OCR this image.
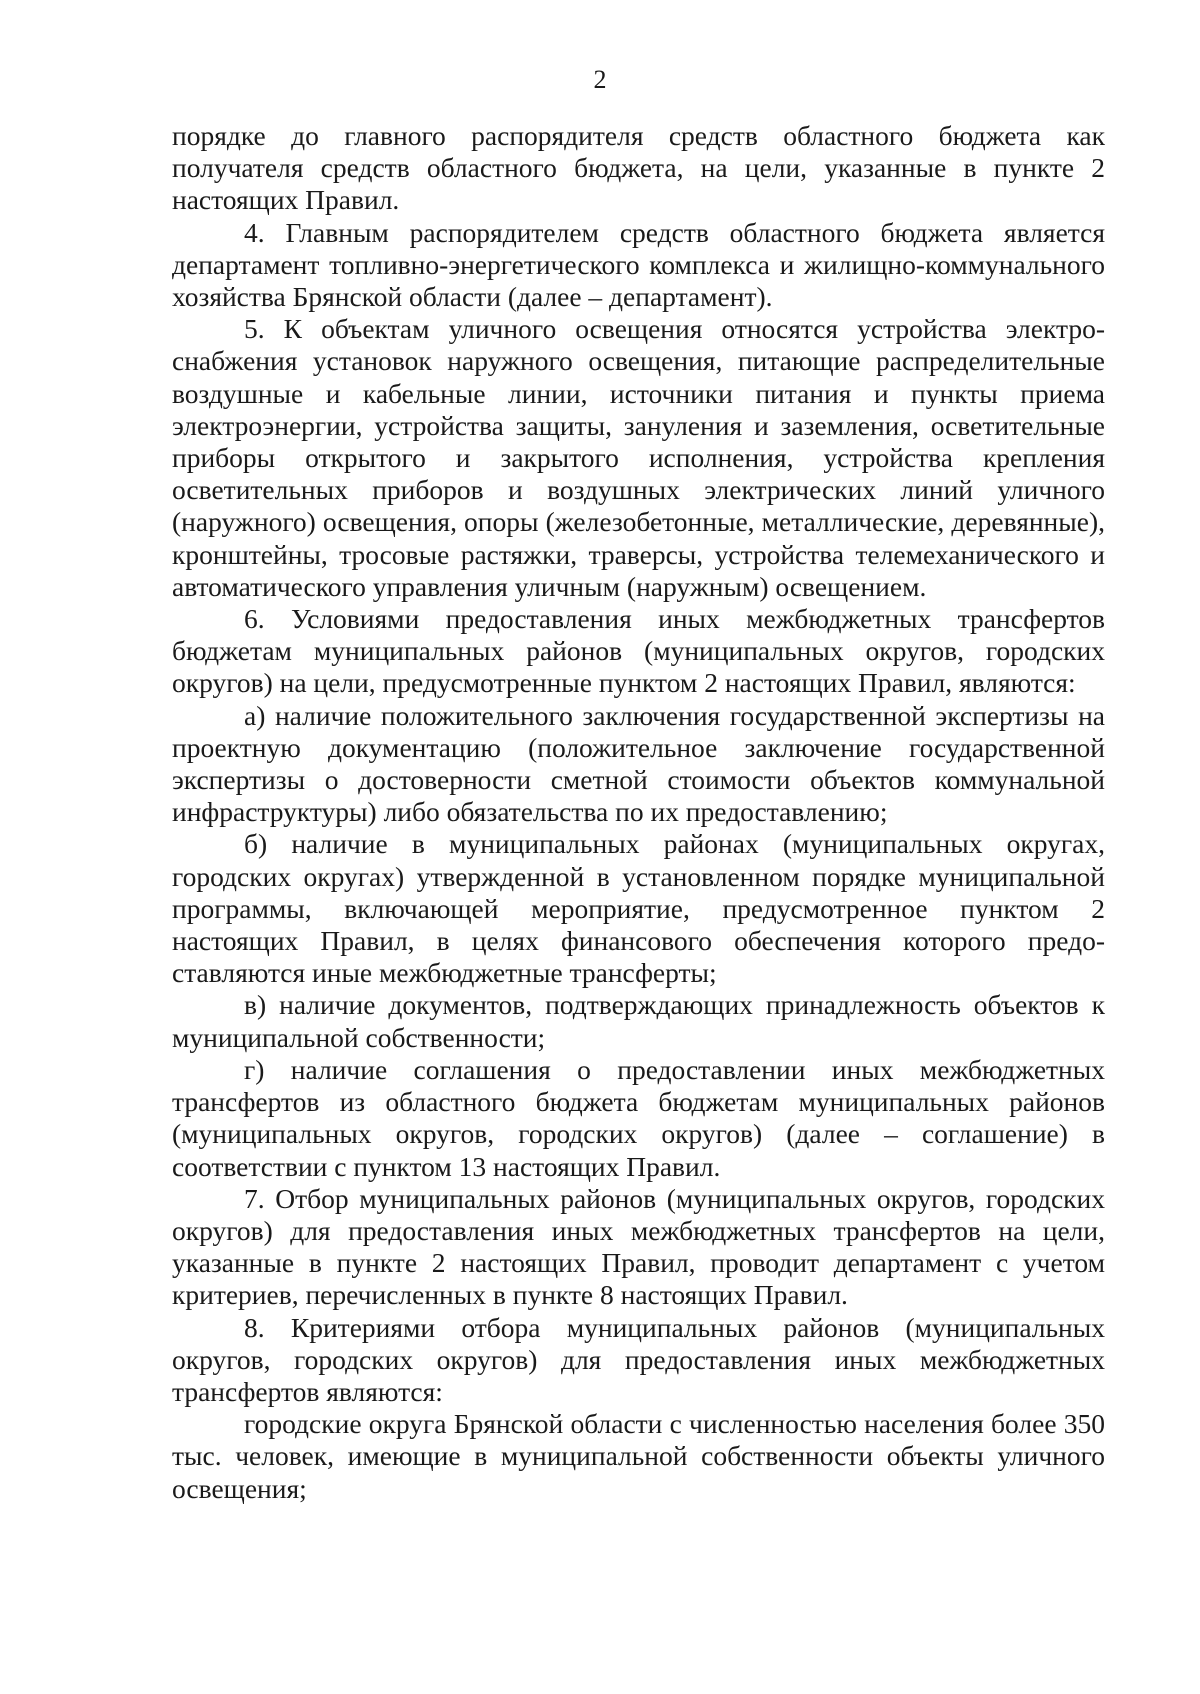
2

порядке до главного распорядителя средств областного бюджета как получателя средств областного бюджета, на цели, указанные в пункте 2 настоящих Правил.

4. Главным распорядителем средств областного бюджета является департамент топливно-энергетического комплекса и жилищно-коммунального хозяйства Брянской области (далее – департамент).

5. К объектам уличного освещения относятся устройства электроснабжения установок наружного освещения, питающие распределительные воздушные и кабельные линии, источники питания и пункты приема электроэнергии, устройства защиты, зануления и заземления, осветительные приборы открытого и закрытого исполнения, устройства крепления осветительных приборов и воздушных электрических линий уличного (наружного) освещения, опоры (железобетонные, металлические, деревянные), кронштейны, тросовые растяжки, траверсы, устройства телемеханического и автоматического управления уличным (наружным) освещением.

6. Условиями предоставления иных межбюджетных трансфертов бюджетам муниципальных районов (муниципальных округов, городских округов) на цели, предусмотренные пунктом 2 настоящих Правил, являются:

а) наличие положительного заключения государственной экспертизы на проектную документацию (положительное заключение государственной экспертизы о достоверности сметной стоимости объектов коммунальной инфраструктуры) либо обязательства по их предоставлению;

б) наличие в муниципальных районах (муниципальных округах, городских округах) утвержденной в установленном порядке муниципальной программы, включающей мероприятие, предусмотренное пунктом 2 настоящих Правил, в целях финансового обеспечения которого предоставляются иные межбюджетные трансферты;

в) наличие документов, подтверждающих принадлежность объектов к муниципальной собственности;

г) наличие соглашения о предоставлении иных межбюджетных трансфертов из областного бюджета бюджетам муниципальных районов (муниципальных округов, городских округов) (далее – соглашение) в соответствии с пунктом 13 настоящих Правил.

7. Отбор муниципальных районов (муниципальных округов, городских округов) для предоставления иных межбюджетных трансфертов на цели, указанные в пункте 2 настоящих Правил, проводит департамент с учетом критериев, перечисленных в пункте 8 настоящих Правил.

8. Критериями отбора муниципальных районов (муниципальных округов, городских округов) для предоставления иных межбюджетных трансфертов являются:

городские округа Брянской области с численностью населения более 350 тыс. человек, имеющие в муниципальной собственности объекты уличного освещения;
